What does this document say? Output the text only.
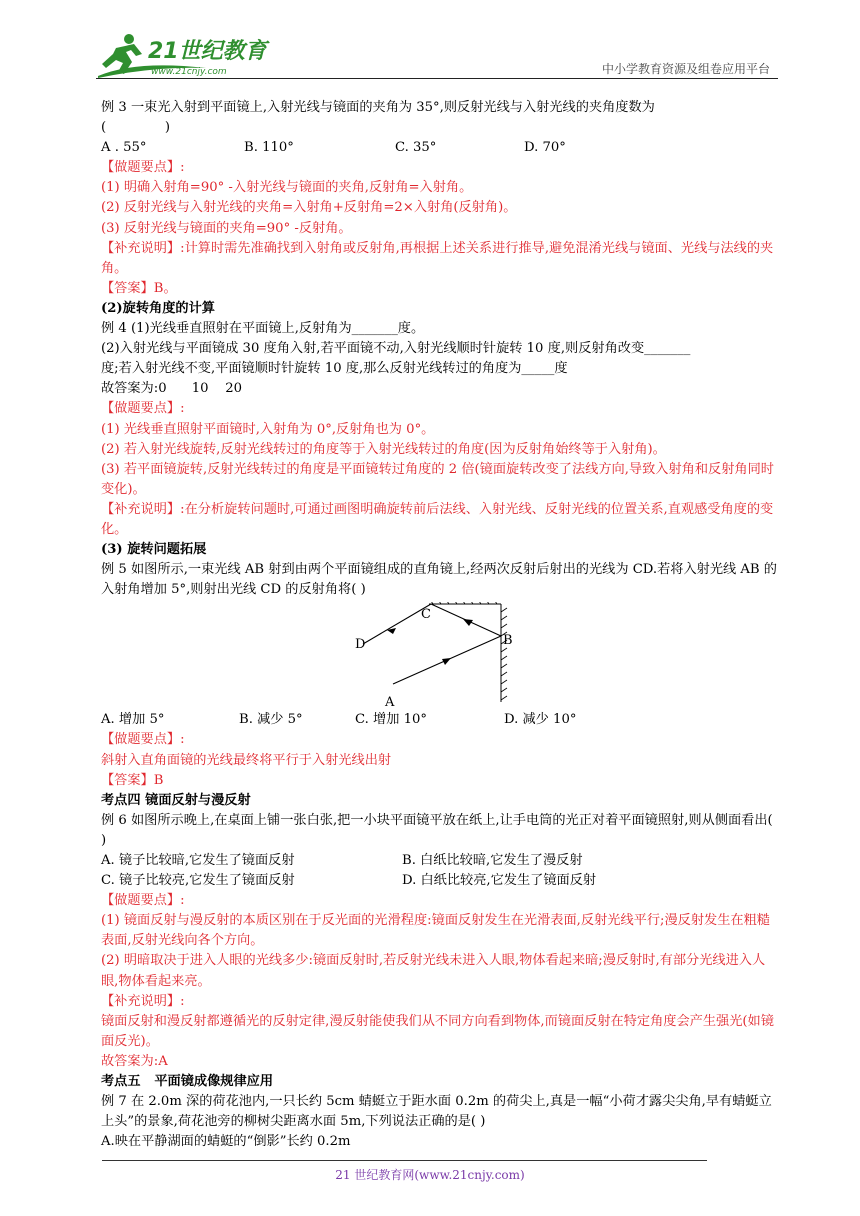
21世纪教育
www.21cnjy.com	中小学教育资源及组卷应用平台
例 3 一束光入射到平面镜上,入射光线与镜面的夹角为 35°,则反射光线与入射光线的夹角度数为
(              )
A . 55°	B. 110°	C. 35°	D. 70°
【做题要点】:
(1) 明确入射角=90° -入射光线与镜面的夹角,反射角=入射角。
(2) 反射光线与入射光线的夹角=入射角+反射角=2×入射角(反射角)。
(3) 反射光线与镜面的夹角=90° -反射角。
【补充说明】:计算时需先准确找到入射角或反射角,再根据上述关系进行推导,避免混淆光线与镜面、光线与法线的夹角。
【答案】B。
(2)旋转角度的计算
例 4 (1)光线垂直照射在平面镜上,反射角为_______度。
(2)入射光线与平面镜成 30 度角入射,若平面镜不动,入射光线顺时针旋转 10 度,则反射角改变_______
度;若入射光线不变,平面镜顺时针旋转 10 度,那么反射光线转过的角度为_____度
故答案为:0      10    20
【做题要点】:
(1) 光线垂直照射平面镜时,入射角为 0°,反射角也为 0°。
(2) 若入射光线旋转,反射光线转过的角度等于入射光线转过的角度(因为反射角始终等于入射角)。
(3) 若平面镜旋转,反射光线转过的角度是平面镜转过角度的 2 倍(镜面旋转改变了法线方向,导致入射角和反射角同时变化)。
【补充说明】:在分析旋转问题时,可通过画图明确旋转前后法线、入射光线、反射光线的位置关系,直观感受角度的变化。
(3) 旋转问题拓展
例 5 如图所示,一束光线 AB 射到由两个平面镜组成的直角镜上,经两次反射后射出的光线为 CD.若将入射光线 AB 的入射角增加 5°,则射出光线 CD 的反射角将( )
C
B
D
A
A. 增加 5°	B. 减少 5°	C. 增加 10°	D. 减少 10°
【做题要点】:
斜射入直角面镜的光线最终将平行于入射光线出射
【答案】B
考点四 镜面反射与漫反射
例 6 如图所示晚上,在桌面上铺一张白张,把一小块平面镜平放在纸上,让手电筒的光正对着平面镜照射,则从侧面看出( )
A. 镜子比较暗,它发生了镜面反射	B. 白纸比较暗,它发生了漫反射
C. 镜子比较亮,它发生了镜面反射	D. 白纸比较亮,它发生了镜面反射
【做题要点】:
(1) 镜面反射与漫反射的本质区别在于反光面的光滑程度:镜面反射发生在光滑表面,反射光线平行;漫反射发生在粗糙表面,反射光线向各个方向。
(2) 明暗取决于进入人眼的光线多少:镜面反射时,若反射光线未进入人眼,物体看起来暗;漫反射时,有部分光线进入人眼,物体看起来亮。
【补充说明】:
镜面反射和漫反射都遵循光的反射定律,漫反射能使我们从不同方向看到物体,而镜面反射在特定角度会产生强光(如镜面反光)。
故答案为:A
考点五   平面镜成像规律应用
例 7 在 2.0m 深的荷花池内,一只长约 5cm 蜻蜓立于距水面 0.2m 的荷尖上,真是一幅“小荷才露尖尖角,早有蜻蜓立上头”的景象,荷花池旁的柳树尖距离水面 5m,下列说法正确的是( )
A.映在平静湖面的蜻蜓的“倒影”长约 0.2m
21 世纪教育网(www.21cnjy.com)
